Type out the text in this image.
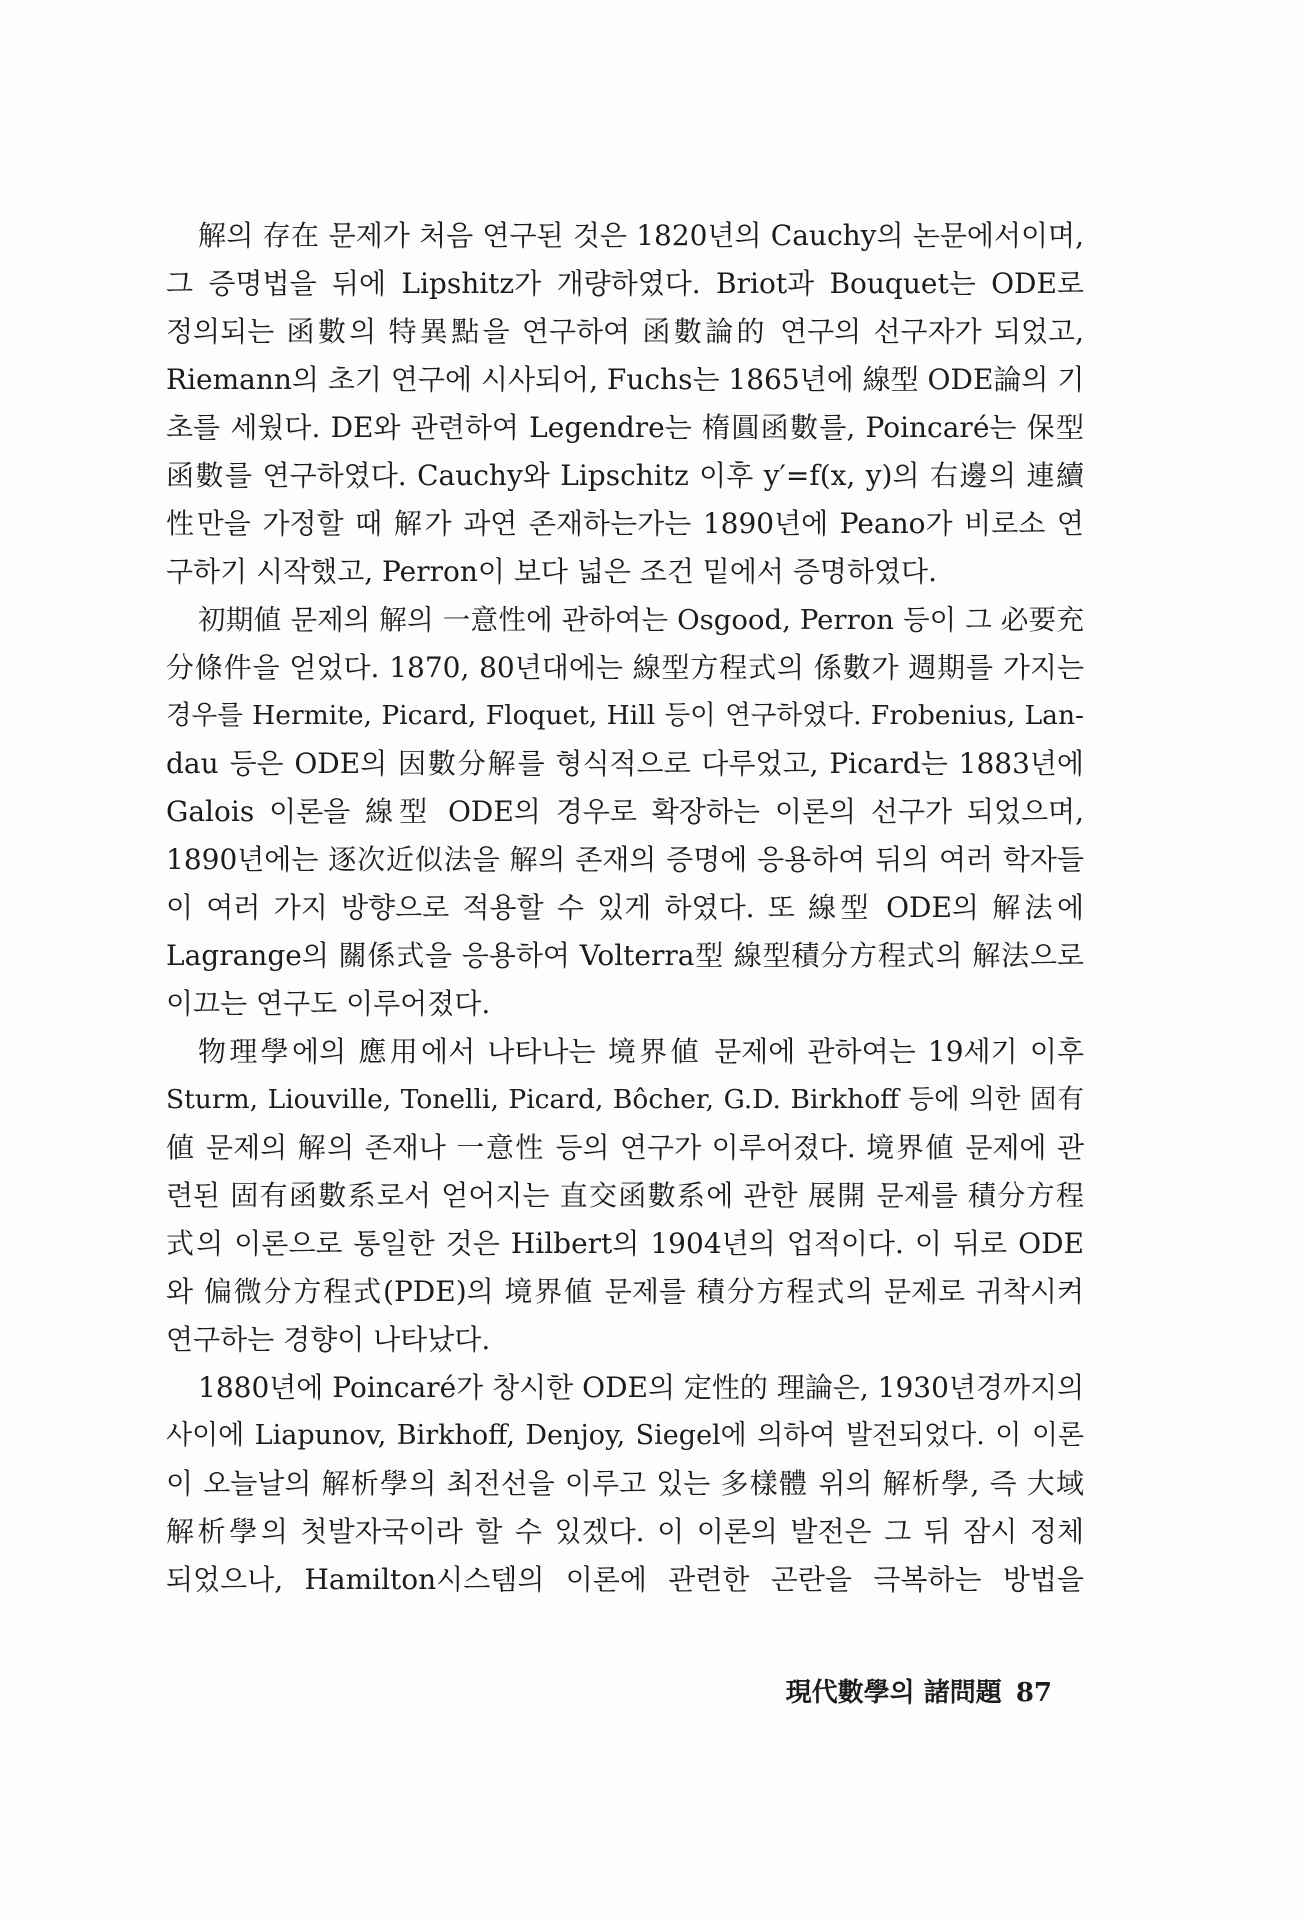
解의 存在 문제가 처음 연구된 것은 1820년의 Cauchy의 논문에서이며,
그 증명법을 뒤에 Lipshitz가 개량하였다. Briot과 Bouquet는 ODE로
정의되는 函數의 特異點을 연구하여 函數論的 연구의 선구자가 되었고,
Riemann의 초기 연구에 시사되어, Fuchs는 1865년에 線型 ODE論의 기
초를 세웠다. DE와 관련하여 Legendre는 楕圓函數를, Poincaré는 保型
函數를 연구하였다. Cauchy와 Lipschitz 이후 y′=f(x, y)의 右邊의 連續
性만을 가정할 때 解가 과연 존재하는가는 1890년에 Peano가 비로소 연
구하기 시작했고, Perron이 보다 넓은 조건 밑에서 증명하였다.
初期値 문제의 解의 一意性에 관하여는 Osgood, Perron 등이 그 必要充
分條件을 얻었다. 1870, 80년대에는 線型方程式의 係數가 週期를 가지는
경우를 Hermite, Picard, Floquet, Hill 등이 연구하였다. Frobenius, Lan-
dau 등은 ODE의 因數分解를 형식적으로 다루었고, Picard는 1883년에
Galois 이론을 線型 ODE의 경우로 확장하는 이론의 선구가 되었으며,
1890년에는 逐次近似法을 解의 존재의 증명에 응용하여 뒤의 여러 학자들
이 여러 가지 방향으로 적용할 수 있게 하였다. 또 線型 ODE의 解法에
Lagrange의 關係式을 응용하여 Volterra型 線型積分方程式의 解法으로
이끄는 연구도 이루어졌다.
物理學에의 應用에서 나타나는 境界値 문제에 관하여는 19세기 이후
Sturm, Liouville, Tonelli, Picard, Bôcher, G.D. Birkhoff 등에 의한 固有
値 문제의 解의 존재나 一意性 등의 연구가 이루어졌다. 境界値 문제에 관
련된 固有函數系로서 얻어지는 直交函數系에 관한 展開 문제를 積分方程
式의 이론으로 통일한 것은 Hilbert의 1904년의 업적이다. 이 뒤로 ODE
와 偏微分方程式(PDE)의 境界値 문제를 積分方程式의 문제로 귀착시켜
연구하는 경향이 나타났다.
1880년에 Poincaré가 창시한 ODE의 定性的 理論은, 1930년경까지의
사이에 Liapunov, Birkhoff, Denjoy, Siegel에 의하여 발전되었다. 이 이론
이 오늘날의 解析學의 최전선을 이루고 있는 多樣體 위의 解析學, 즉 大域
解析學의 첫발자국이라 할 수 있겠다. 이 이론의 발전은 그 뒤 잠시 정체
되었으나, Hamilton시스템의 이론에 관련한 곤란을 극복하는 방법을
現代數學의 諸問題 87
